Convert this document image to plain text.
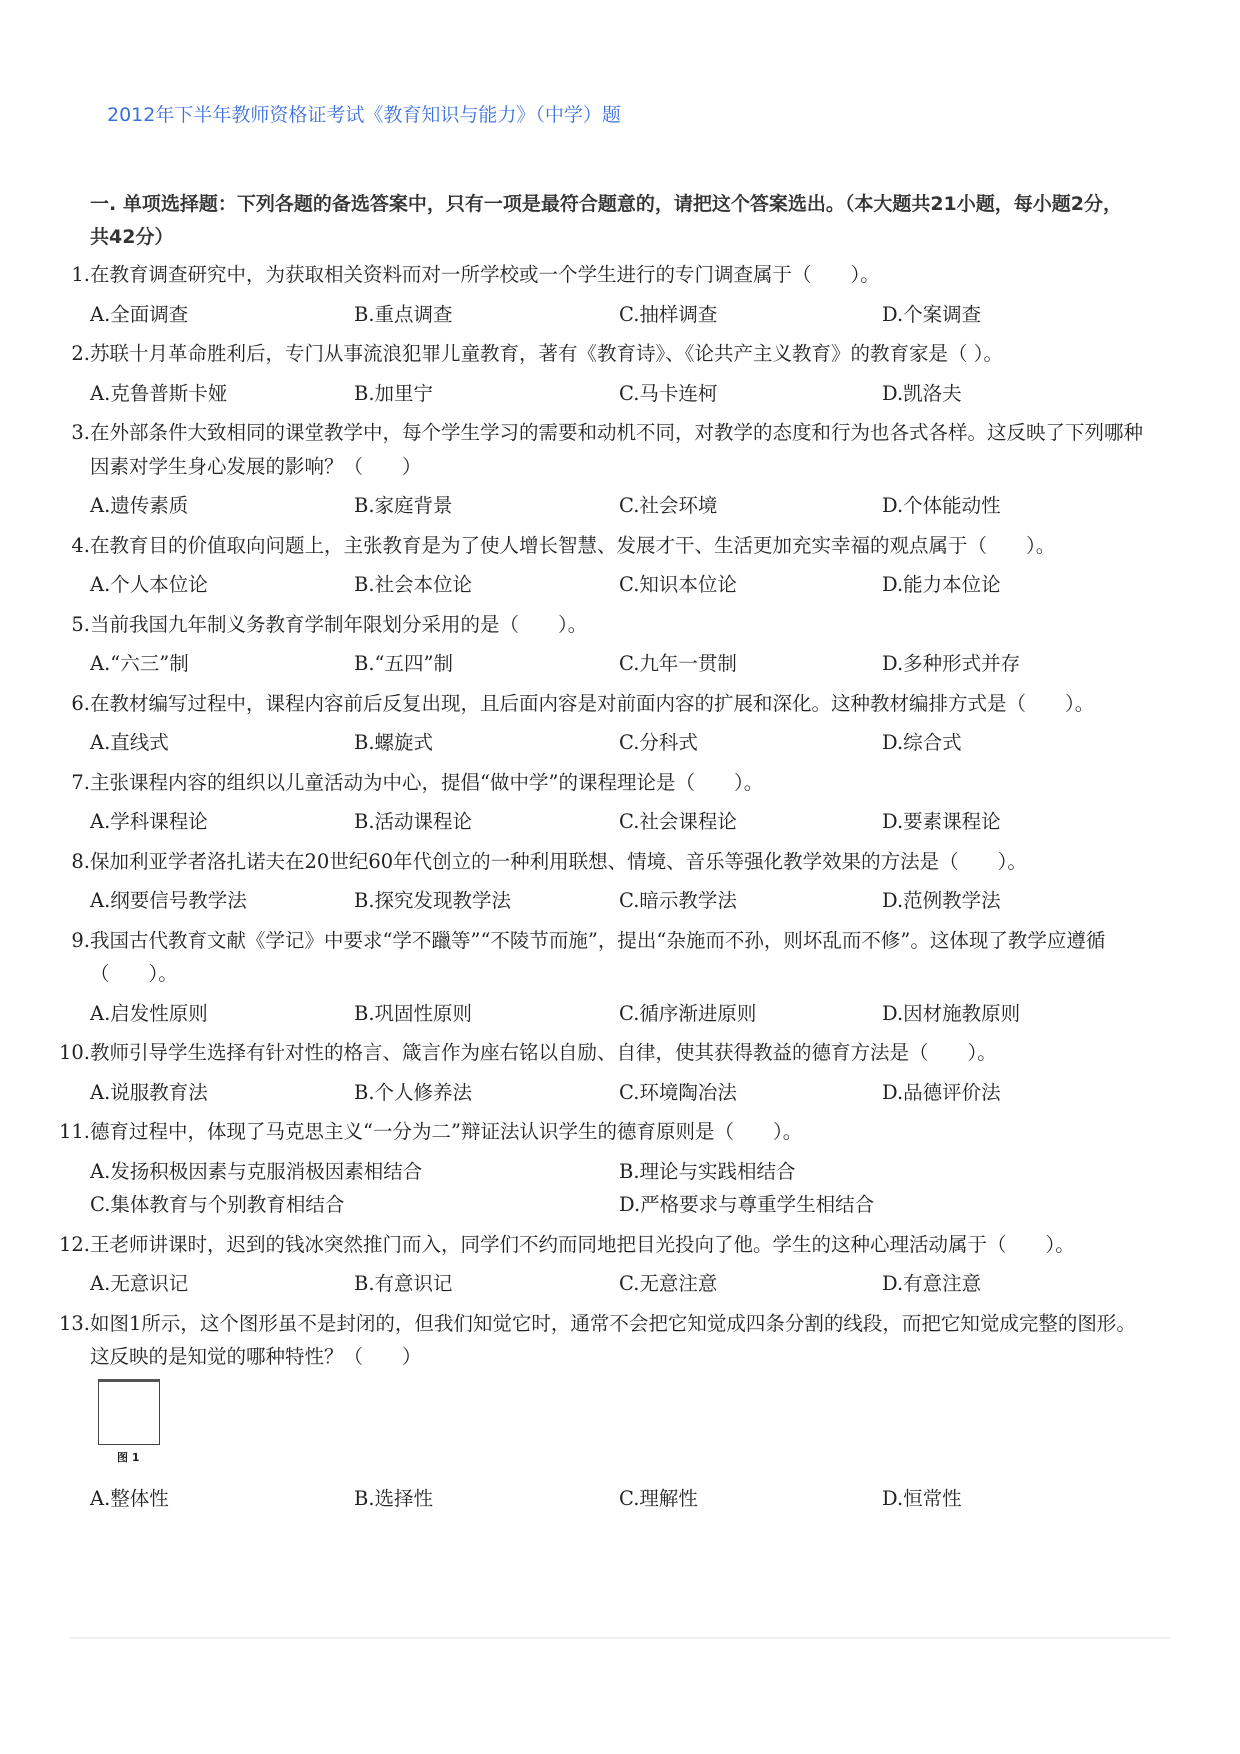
2012年下半年教师资格证考试《教育知识与能力》（中学）题
一. 单项选择题：下列各题的备选答案中，只有一项是最符合题意的，请把这个答案选出。（本大题共21小题，每小题2分，共42分）
1. 在教育调查研究中，为获取相关资料而对一所学校或一个学生进行的专门调查属于（　　）。
A.全面调查	B.重点调查	C.抽样调查	D.个案调查
2. 苏联十月革命胜利后，专门从事流浪犯罪儿童教育，著有《教育诗》、《论共产主义教育》的教育家是（ ）。
A.克鲁普斯卡娅	B.加里宁	C.马卡连柯	D.凯洛夫
3. 在外部条件大致相同的课堂教学中，每个学生学习的需要和动机不同，对教学的态度和行为也各式各样。这反映了下列哪种因素对学生身心发展的影响？（　　）
A.遗传素质	B.家庭背景	C.社会环境	D.个体能动性
4. 在教育目的价值取向问题上，主张教育是为了使人增长智慧、发展才干、生活更加充实幸福的观点属于（　　）。
A.个人本位论	B.社会本位论	C.知识本位论	D.能力本位论
5. 当前我国九年制义务教育学制年限划分采用的是（　　）。
A.“六三”制	B.“五四”制	C.九年一贯制	D.多种形式并存
6. 在教材编写过程中，课程内容前后反复出现，且后面内容是对前面内容的扩展和深化。这种教材编排方式是（　　）。
A.直线式	B.螺旋式	C.分科式	D.综合式
7. 主张课程内容的组织以儿童活动为中心，提倡“做中学”的课程理论是（　　）。
A.学科课程论	B.活动课程论	C.社会课程论	D.要素课程论
8. 保加利亚学者洛扎诺夫在20世纪60年代创立的一种利用联想、情境、音乐等强化教学效果的方法是（　　）。
A.纲要信号教学法	B.探究发现教学法	C.暗示教学法	D.范例教学法
9. 我国古代教育文献《学记》中要求“学不躐等”“不陵节而施”，提出“杂施而不孙，则坏乱而不修”。这体现了教学应遵循（　　）。
A.启发性原则	B.巩固性原则	C.循序渐进原则	D.因材施教原则
10. 教师引导学生选择有针对性的格言、箴言作为座右铭以自励、自律，使其获得教益的德育方法是（　　）。
A.说服教育法	B.个人修养法	C.环境陶冶法	D.品德评价法
11. 德育过程中，体现了马克思主义“一分为二”辩证法认识学生的德育原则是（　　）。
A.发扬积极因素与克服消极因素相结合	B.理论与实践相结合
C.集体教育与个别教育相结合	D.严格要求与尊重学生相结合
12. 王老师讲课时，迟到的钱冰突然推门而入，同学们不约而同地把目光投向了他。学生的这种心理活动属于（　　）。
A.无意识记	B.有意识记	C.无意注意	D.有意注意
13. 如图1所示，这个图形虽不是封闭的，但我们知觉它时，通常不会把它知觉成四条分割的线段，而把它知觉成完整的图形。这反映的是知觉的哪种特性？（　　）
图 1
A.整体性	B.选择性	C.理解性	D.恒常性
